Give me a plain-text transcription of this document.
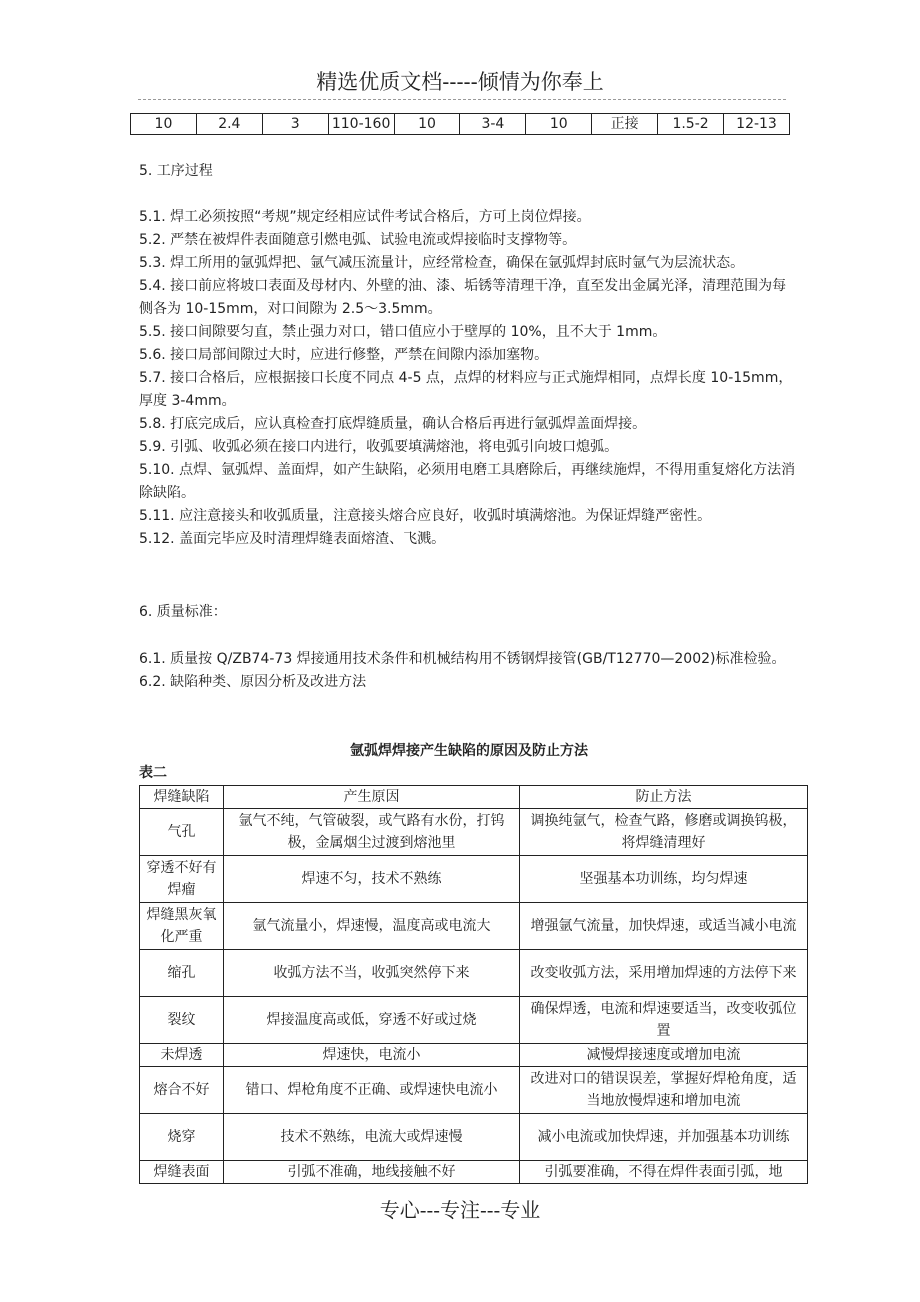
精选优质文档-----倾情为你奉上
10	2.4	3	110-160	10	3-4	10	正接	1.5-2	12-13
5. 工序过程

5.1. 焊工必须按照“考规”规定经相应试件考试合格后，方可上岗位焊接。

5.2. 严禁在被焊件表面随意引燃电弧、试验电流或焊接临时支撑物等。

5.3. 焊工所用的氩弧焊把、氩气减压流量计，应经常检查，确保在氩弧焊封底时氩气为层流状态。

5.4. 接口前应将坡口表面及母材内、外壁的油、漆、垢锈等清理干净，直至发出金属光泽，清理范围为每侧各为 10-15mm，对口间隙为 2.5～3.5mm。

5.5. 接口间隙要匀直，禁止强力对口，错口值应小于壁厚的 10%，且不大于 1mm。

5.6. 接口局部间隙过大时，应进行修整，严禁在间隙内添加塞物。

5.7. 接口合格后，应根据接口长度不同点 4-5 点，点焊的材料应与正式施焊相同，点焊长度 10-15mm，厚度 3-4mm。

5.8. 打底完成后，应认真检查打底焊缝质量，确认合格后再进行氩弧焊盖面焊接。

5.9. 引弧、收弧必须在接口内进行，收弧要填满熔池，将电弧引向坡口熄弧。

5.10. 点焊、氩弧焊、盖面焊，如产生缺陷，必须用电磨工具磨除后，再继续施焊，不得用重复熔化方法消除缺陷。

5.11. 应注意接头和收弧质量，注意接头熔合应良好，收弧时填满熔池。为保证焊缝严密性。

5.12. 盖面完毕应及时清理焊缝表面熔渣、飞溅。

6. 质量标准：

6.1. 质量按 Q/ZB74-73 焊接通用技术条件和机械结构用不锈钢焊接管(GB/T12770—2002)标准检验。

6.2. 缺陷种类、原因分析及改进方法

氩弧焊焊接产生缺陷的原因及防止方法
表二
焊缝缺陷	产生原因	防止方法
气孔	氩气不纯，气管破裂，或气路有水份，打钨极，金属烟尘过渡到熔池里	调换纯氩气，检查气路，修磨或调换钨极，将焊缝清理好
穿透不好有焊瘤	焊速不匀，技术不熟练	坚强基本功训练，均匀焊速
焊缝黑灰氧化严重	氩气流量小，焊速慢，温度高或电流大	增强氩气流量，加快焊速，或适当减小电流
缩孔	收弧方法不当，收弧突然停下来	改变收弧方法，采用增加焊速的方法停下来
裂纹	焊接温度高或低，穿透不好或过烧	确保焊透，电流和焊速要适当，改变收弧位置
未焊透	焊速快，电流小	减慢焊接速度或增加电流
熔合不好	错口、焊枪角度不正确、或焊速快电流小	改进对口的错误误差，掌握好焊枪角度，适当地放慢焊速和增加电流
烧穿	技术不熟练，电流大或焊速慢	减小电流或加快焊速，并加强基本功训练
焊缝表面	引弧不准确，地线接触不好	引弧要准确，不得在焊件表面引弧，地
专心---专注---专业
